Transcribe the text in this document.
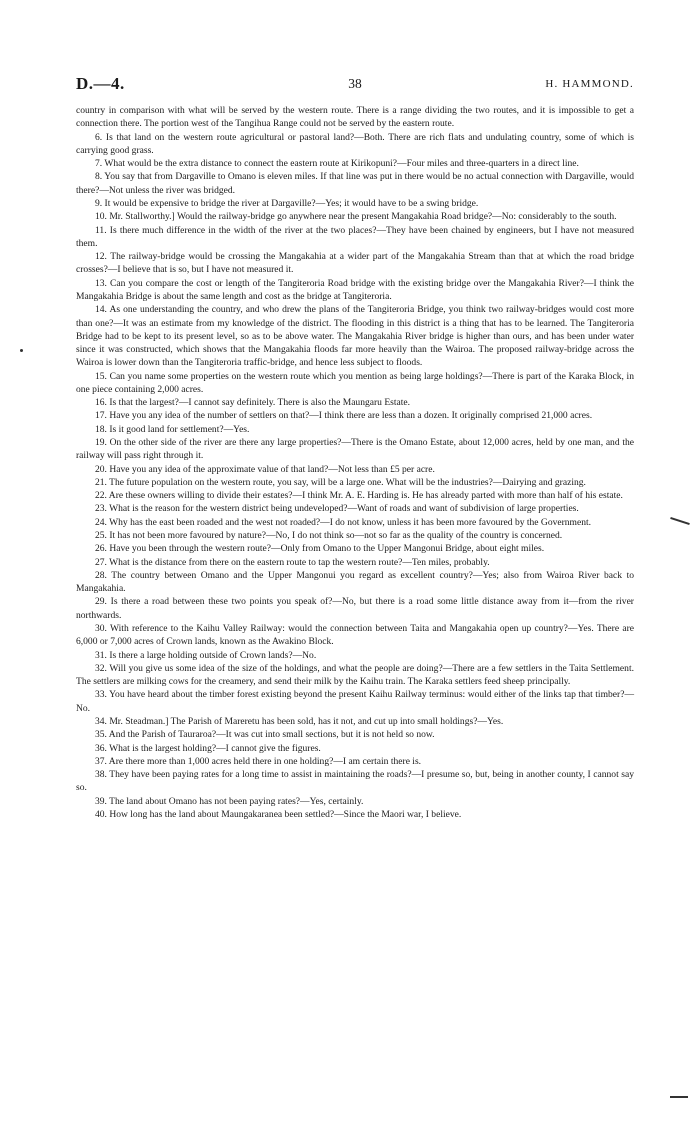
D.—4.	38	H. HAMMOND.

country in comparison with what will be served by the western route. There is a range dividing the two routes, and it is impossible to get a connection there. The portion west of the Tangihua Range could not be served by the eastern route.

6. Is that land on the western route agricultural or pastoral land?—Both. There are rich flats and undulating country, some of which is carrying good grass.

7. What would be the extra distance to connect the eastern route at Kirikopuni?—Four miles and three-quarters in a direct line.

8. You say that from Dargaville to Omano is eleven miles. If that line was put in there would be no actual connection with Dargaville, would there?—Not unless the river was bridged.

9. It would be expensive to bridge the river at Dargaville?—Yes; it would have to be a swing bridge.

10. Mr. Stallworthy.] Would the railway-bridge go anywhere near the present Mangakahia Road bridge?—No: considerably to the south.

11. Is there much difference in the width of the river at the two places?—They have been chained by engineers, but I have not measured them.

12. The railway-bridge would be crossing the Mangakahia at a wider part of the Mangakahia Stream than that at which the road bridge crosses?—I believe that is so, but I have not measured it.

13. Can you compare the cost or length of the Tangiteroria Road bridge with the existing bridge over the Mangakahia River?—I think the Mangakahia Bridge is about the same length and cost as the bridge at Tangiteroria.

14. As one understanding the country, and who drew the plans of the Tangiteroria Bridge, you think two railway-bridges would cost more than one?—It was an estimate from my knowledge of the district. The flooding in this district is a thing that has to be learned. The Tangiteroria Bridge had to be kept to its present level, so as to be above water. The Mangakahia River bridge is higher than ours, and has been under water since it was constructed, which shows that the Mangakahia floods far more heavily than the Wairoa. The proposed railway-bridge across the Wairoa is lower down than the Tangiteroria traffic-bridge, and hence less subject to floods.

15. Can you name some properties on the western route which you mention as being large holdings?—There is part of the Karaka Block, in one piece containing 2,000 acres.

16. Is that the largest?—I cannot say definitely. There is also the Maungaru Estate.

17. Have you any idea of the number of settlers on that?—I think there are less than a dozen. It originally comprised 21,000 acres.

18. Is it good land for settlement?—Yes.

19. On the other side of the river are there any large properties?—There is the Omano Estate, about 12,000 acres, held by one man, and the railway will pass right through it.

20. Have you any idea of the approximate value of that land?—Not less than £5 per acre.

21. The future population on the western route, you say, will be a large one. What will be the industries?—Dairying and grazing.

22. Are these owners willing to divide their estates?—I think Mr. A. E. Harding is. He has already parted with more than half of his estate.

23. What is the reason for the western district being undeveloped?—Want of roads and want of subdivision of large properties.

24. Why has the east been roaded and the west not roaded?—I do not know, unless it has been more favoured by the Government.

25. It has not been more favoured by nature?—No, I do not think so—not so far as the quality of the country is concerned.

26. Have you been through the western route?—Only from Omano to the Upper Mangonui Bridge, about eight miles.

27. What is the distance from there on the eastern route to tap the western route?—Ten miles, probably.

28. The country between Omano and the Upper Mangonui you regard as excellent country?—Yes; also from Wairoa River back to Mangakahia.

29. Is there a road between these two points you speak of?—No, but there is a road some little distance away from it—from the river northwards.

30. With reference to the Kaihu Valley Railway: would the connection between Taita and Mangakahia open up country?—Yes. There are 6,000 or 7,000 acres of Crown lands, known as the Awakino Block.

31. Is there a large holding outside of Crown lands?—No.

32. Will you give us some idea of the size of the holdings, and what the people are doing?—There are a few settlers in the Taita Settlement. The settlers are milking cows for the creamery, and send their milk by the Kaihu train. The Karaka settlers feed sheep principally.

33. You have heard about the timber forest existing beyond the present Kaihu Railway terminus: would either of the links tap that timber?—No.

34. Mr. Steadman.] The Parish of Mareretu has been sold, has it not, and cut up into small holdings?—Yes.

35. And the Parish of Tauraroa?—It was cut into small sections, but it is not held so now.

36. What is the largest holding?—I cannot give the figures.

37. Are there more than 1,000 acres held there in one holding?—I am certain there is.

38. They have been paying rates for a long time to assist in maintaining the roads?—I presume so, but, being in another county, I cannot say so.

39. The land about Omano has not been paying rates?—Yes, certainly.

40. How long has the land about Maungakaranea been settled?—Since the Maori war, I believe.
